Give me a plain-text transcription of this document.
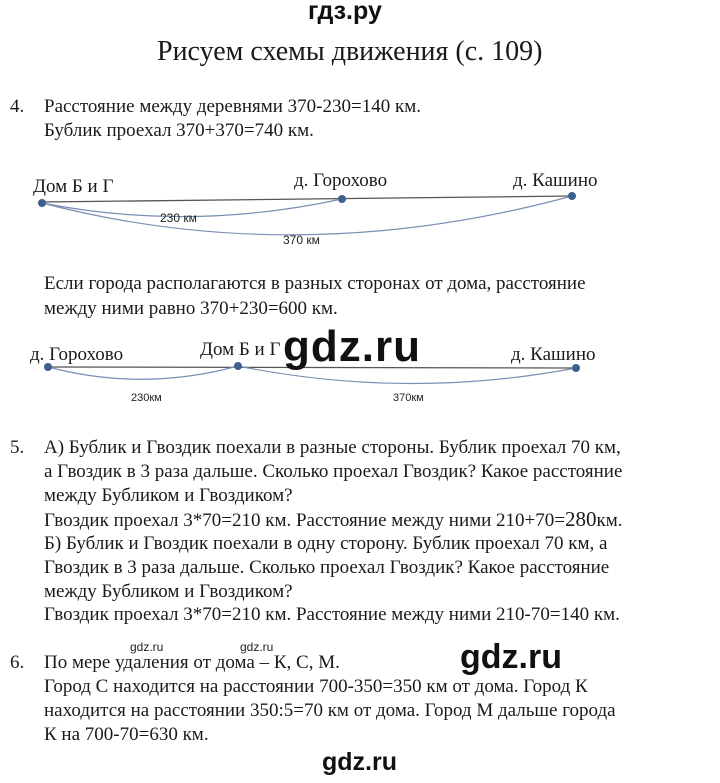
гдз.ру
Рисуем схемы движения (с. 109)
4. Расстояние между деревнями 370-230=140 км.
Бублик проехал 370+370=740 км.
Дом Б и Г	д. Горохово	д. Кашино
230 км
370 км
Если города располагаются в разных сторонах от дома, расстояние
между ними равно 370+230=600 км.
д. Горохово	Дом Б и Г	д. Кашино
230км	370км
gdz.ru
5. А) Бублик и Гвоздик поехали в разные стороны. Бублик проехал 70 км,
а Гвоздик в 3 раза дальше. Сколько проехал Гвоздик? Какое расстояние
между Бубликом и Гвоздиком?
Гвоздик проехал 3*70=210 км. Расстояние между ними 210+70=280км.
Б) Бублик и Гвоздик поехали в одну сторону. Бублик проехал 70 км, а
Гвоздик в 3 раза дальше. Сколько проехал Гвоздик? Какое расстояние
между Бубликом и Гвоздиком?
Гвоздик проехал 3*70=210 км. Расстояние между ними 210-70=140 км.
gdz.ru	gdz.ru
6. По мере удаления от дома – К, С, М.
Город С находится на расстоянии 700-350=350 км от дома. Город К
находится на расстоянии 350:5=70 км от дома. Город М дальше города
К на 700-70=630 км.
gdz.ru
gdz.ru
